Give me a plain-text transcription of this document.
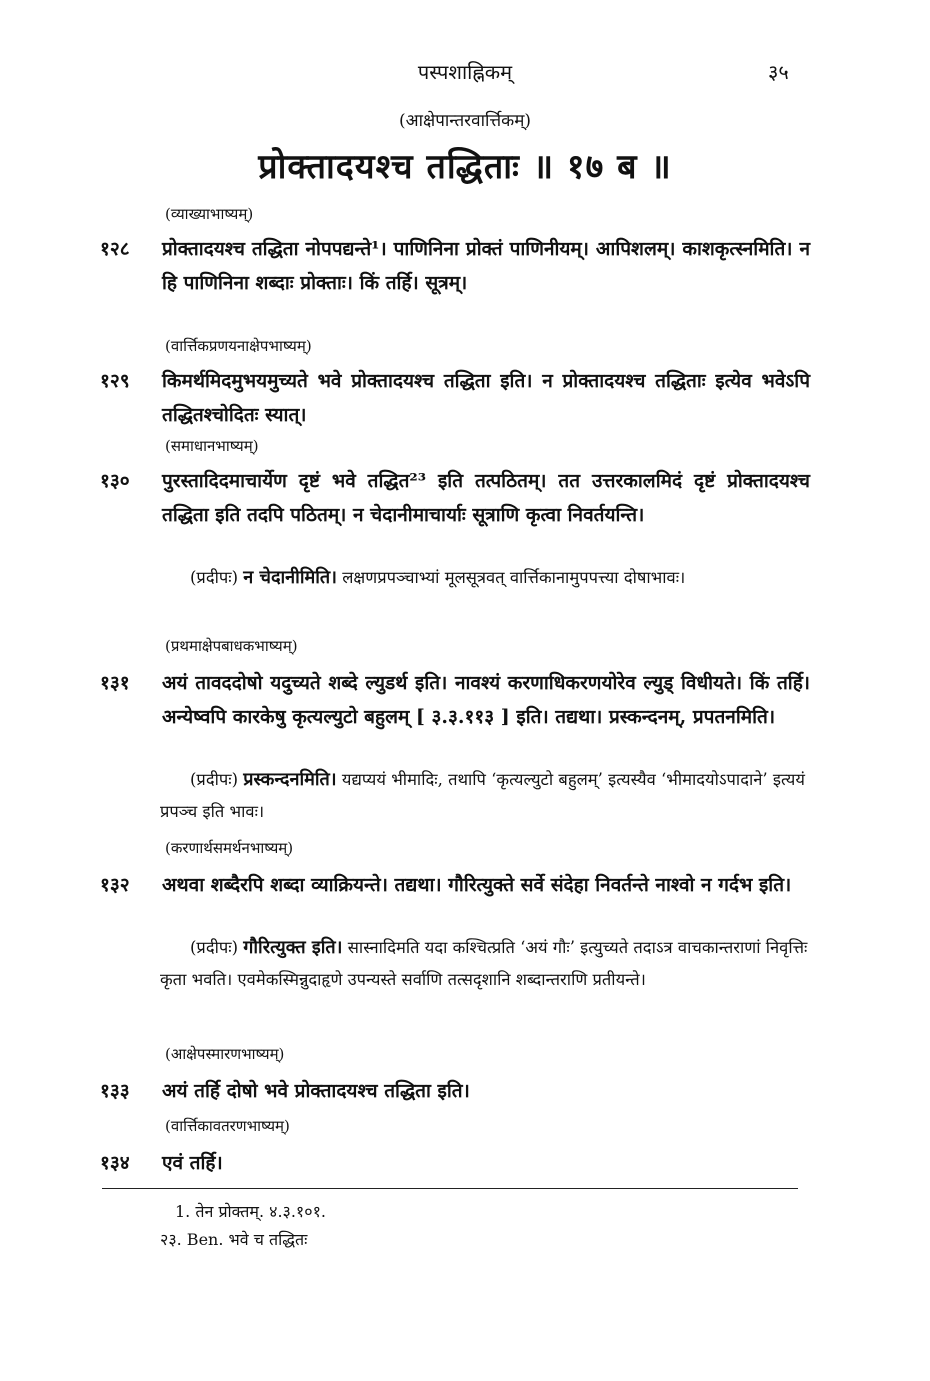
पस्पशाह्निकम्	३५
(आक्षेपान्तरवार्त्तिकम्)
प्रोक्तादयश्च तद्धिताः ॥ १७ ब ॥
(व्याख्याभाष्यम्)
१२८	प्रोक्तादयश्च तद्धिता नोपपद्यन्ते¹। पाणिनिना प्रोक्तं पाणिनीयम्। आपिशलम्। काशकृत्स्नमिति। न हि पाणिनिना शब्दाः प्रोक्ताः। किं तर्हि। सूत्रम्।
(वार्त्तिकप्रणयनाक्षेपभाष्यम्)
१२९	किमर्थमिदमुभयमुच्यते भवे प्रोक्तादयश्च तद्धिता इति। न प्रोक्तादयश्च तद्धिताः इत्येव भवेऽपि तद्धितश्चोदितः स्यात्।
(समाधानभाष्यम्)
१३०	पुरस्तादिदमाचार्येण दृष्टं भवे तद्धित²³ इति तत्पठितम्। तत उत्तरकालमिदं दृष्टं प्रोक्तादयश्च तद्धिता इति तदपि पठितम्। न चेदानीमाचार्याः सूत्राणि कृत्वा निवर्तयन्ति।
(प्रदीपः) न चेदानीमिति। लक्षणप्रपञ्चाभ्यां मूलसूत्रवत् वार्त्तिकानामुपपत्त्या दोषाभावः।
(प्रथमाक्षेपबाधकभाष्यम्)
१३१	अयं तावददोषो यदुच्यते शब्दे ल्युडर्थ इति। नावश्यं करणाधिकरणयोरेव ल्युड् विधीयते। किं तर्हि। अन्येष्वपि कारकेषु कृत्यल्युटो बहुलम् [ ३.३.११३ ] इति। तद्यथा। प्रस्कन्दनम्, प्रपतनमिति।
(प्रदीपः) प्रस्कन्दनमिति। यद्यप्ययं भीमादिः, तथापि ‘कृत्यल्युटो बहुलम्’ इत्यस्यैव ‘भीमादयोऽपादाने’ इत्ययं प्रपञ्च इति भावः।
(करणार्थसमर्थनभाष्यम्)
१३२	अथवा शब्दैरपि शब्दा व्याक्रियन्ते। तद्यथा। गौरित्युक्ते सर्वे संदेहा निवर्तन्ते नाश्वो न गर्दभ इति।
(प्रदीपः) गौरित्युक्त इति। सास्नादिमति यदा कश्चित्प्रति ‘अयं गौः’ इत्युच्यते तदाऽत्र वाचकान्तराणां निवृत्तिः कृता भवति। एवमेकस्मिन्नुदाहृणे उपन्यस्ते सर्वाणि तत्सदृशानि शब्दान्तराणि प्रतीयन्ते।
(आक्षेपस्मारणभाष्यम्)
१३३	अयं तर्हि दोषो भवे प्रोक्तादयश्च तद्धिता इति।
(वार्त्तिकावतरणभाष्यम्)
१३४	एवं तर्हि।
1. तेन प्रोक्तम्. ४.३.१०१.
२३. Ben. भवे च तद्धितः
